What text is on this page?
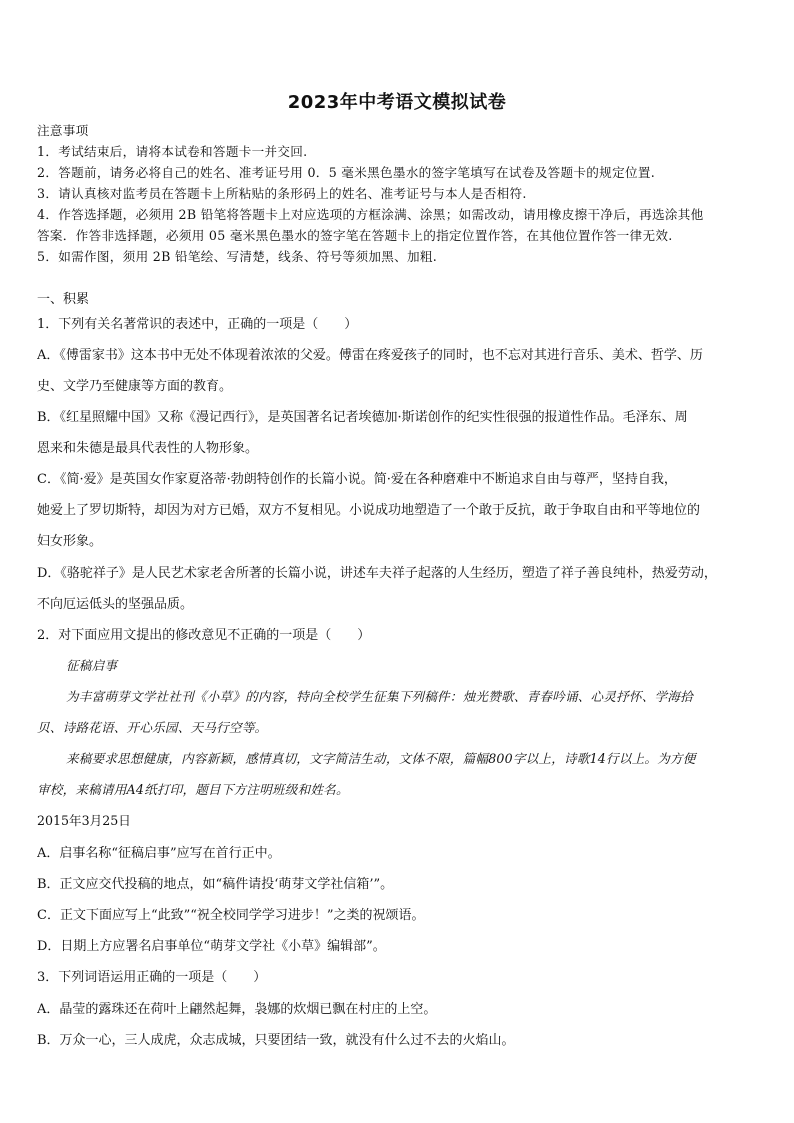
2023年中考语文模拟试卷
注意事项
1．考试结束后，请将本试卷和答题卡一并交回.
2．答题前，请务必将自己的姓名、准考证号用 0．5 毫米黑色墨水的签字笔填写在试卷及答题卡的规定位置.
3．请认真核对监考员在答题卡上所粘贴的条形码上的姓名、准考证号与本人是否相符.
4．作答选择题，必须用 2B 铅笔将答题卡上对应选项的方框涂满、涂黑；如需改动，请用橡皮擦干净后，再选涂其他
答案．作答非选择题，必须用 05 毫米黑色墨水的签字笔在答题卡上的指定位置作答，在其他位置作答一律无效.
5．如需作图，须用 2B 铅笔绘、写清楚，线条、符号等须加黑、加粗.
一、积累
1．下列有关名著常识的表述中，正确的一项是（　　）
A．《傅雷家书》这本书中无处不体现着浓浓的父爱。傅雷在疼爱孩子的同时，也不忘对其进行音乐、美术、哲学、历
史、文学乃至健康等方面的教育。
B．《红星照耀中国》又称《漫记西行》，是英国著名记者埃德加·斯诺创作的纪实性很强的报道性作品。毛泽东、周
恩来和朱德是最具代表性的人物形象。
C．《简·爱》是英国女作家夏洛蒂·勃朗特创作的长篇小说。简·爱在各种磨难中不断追求自由与尊严，坚持自我，
她爱上了罗切斯特，却因为对方已婚，双方不复相见。小说成功地塑造了一个敢于反抗，敢于争取自由和平等地位的
妇女形象。
D．《骆驼祥子》是人民艺术家老舍所著的长篇小说，讲述车夫祥子起落的人生经历，塑造了祥子善良纯朴，热爱劳动，
不向厄运低头的坚强品质。
2．对下面应用文提出的修改意见不正确的一项是（　　）
征稿启事
为丰富萌芽文学社社刊《小草》的内容，特向全校学生征集下列稿件：烛光赞歌、青春吟诵、心灵抒怀、学海拾
贝、诗路花语、开心乐园、天马行空等。
来稿要求思想健康，内容新颖，感情真切，文字简洁生动，文体不限，篇幅800字以上，诗歌14行以上。为方便
审校，来稿请用A4纸打印，题目下方注明班级和姓名。
2015年3月25日
A．启事名称“征稿启事”应写在首行正中。
B．正文应交代投稿的地点，如“稿件请投‘萌芽文学社信箱’”。
C．正文下面应写上“此致”“祝全校同学学习进步！”之类的祝颂语。
D．日期上方应署名启事单位“萌芽文学社《小草》编辑部”。
3．下列词语运用正确的一项是（　　）
A．晶莹的露珠还在荷叶上翩然起舞，袅娜的炊烟已飘在村庄的上空。
B．万众一心，三人成虎，众志成城，只要团结一致，就没有什么过不去的火焰山。
